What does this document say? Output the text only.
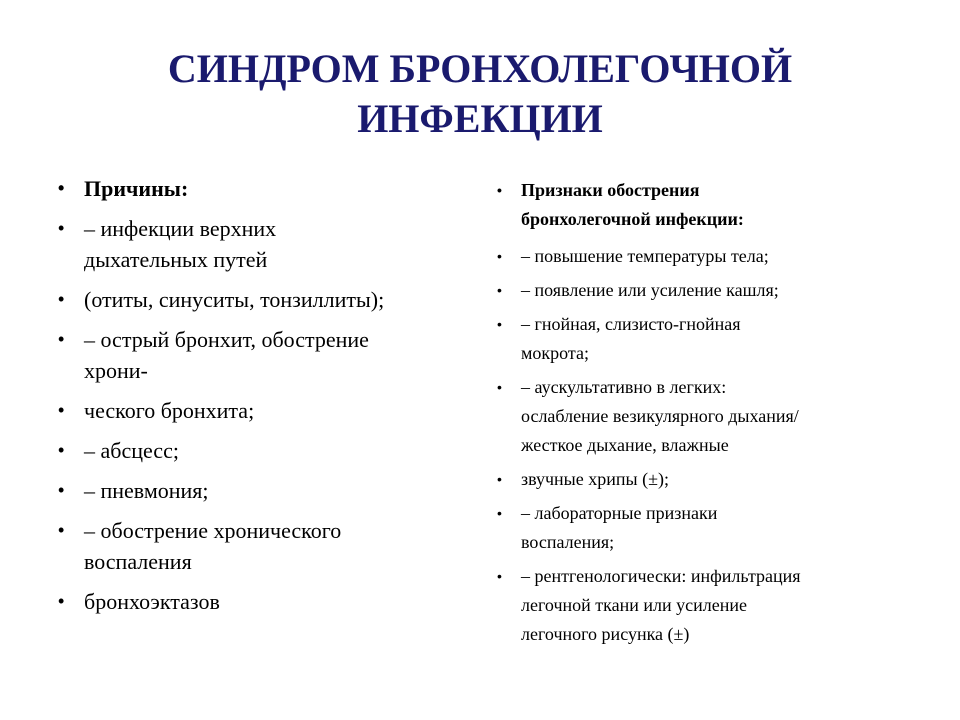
СИНДРОМ БРОНХОЛЕГОЧНОЙ
ИНФЕКЦИИ
• Причины:
• – инфекции верхних
дыхательных путей
• (отиты, синуситы, тонзиллиты);
• – острый бронхит, обострение
хрони-
• ческого бронхита;
• – абсцесс;
• – пневмония;
• – обострение хронического
воспаления
• бронхоэктазов
• Признаки обострения
бронхолегочной инфекции:
• – повышение температуры тела;
• – появление или усиление кашля;
• – гнойная, слизисто-гнойная
мокрота;
• – аускультативно в легких:
ослабление везикулярного дыхания/
жесткое дыхание, влажные
• звучные хрипы (±);
• – лабораторные признаки
воспаления;
• – рентгенологически: инфильтрация
легочной ткани или усиление
легочного рисунка (±)
